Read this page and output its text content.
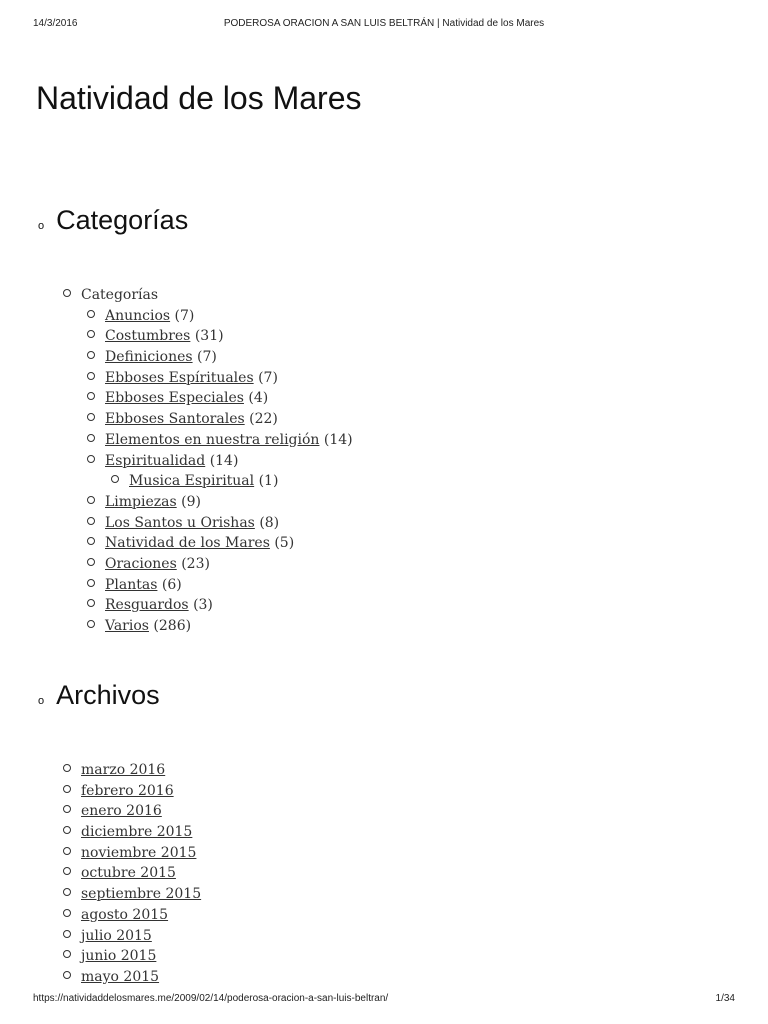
14/3/2016	PODEROSA ORACION A SAN LUIS BELTRÁN | Natividad de los Mares
Natividad de los Mares
o Categorías
Categorías
Anuncios (7)
Costumbres (31)
Definiciones (7)
Ebboses Espírituales (7)
Ebboses Especiales (4)
Ebboses Santorales (22)
Elementos en nuestra religión (14)
Espiritualidad (14)
Musica Espiritual (1)
Limpiezas (9)
Los Santos u Orishas (8)
Natividad de los Mares (5)
Oraciones (23)
Plantas (6)
Resguardos (3)
Varios (286)
o Archivos
marzo 2016
febrero 2016
enero 2016
diciembre 2015
noviembre 2015
octubre 2015
septiembre 2015
agosto 2015
julio 2015
junio 2015
mayo 2015
https://natividaddelosmares.me/2009/02/14/poderosa-oracion-a-san-luis-beltran/	1/34
